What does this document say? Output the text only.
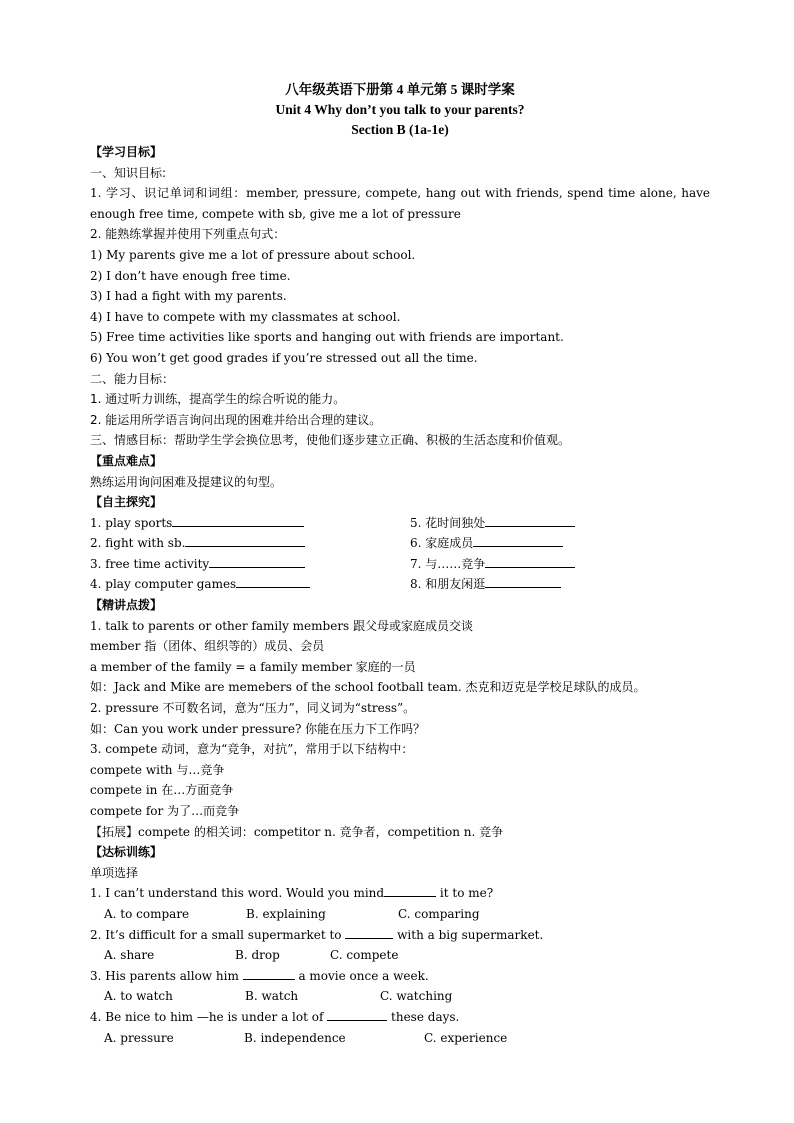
八年级英语下册第 4 单元第 5 课时学案
Unit 4 Why don’t you talk to your parents?
Section B (1a-1e)
【学习目标】
一、知识目标:
1. 学习、识记单词和词组：member, pressure, compete, hang out with friends, spend time alone, have enough free time, compete with sb, give me a lot of pressure
2. 能熟练掌握并使用下列重点句式：
1) My parents give me a lot of pressure about school.
2) I don’t have enough free time.
3) I had a fight with my parents.
4) I have to compete with my classmates at school.
5) Free time activities like sports and hanging out with friends are important.
6) You won’t get good grades if you’re stressed out all the time.
二、能力目标：
1. 通过听力训练，提高学生的综合听说的能力。
2. 能运用所学语言询问出现的困难并给出合理的建议。
三、情感目标：帮助学生学会换位思考，使他们逐步建立正确、积极的生活态度和价值观。
【重点难点】
熟练运用询问困难及提建议的句型。
【自主探究】
1. play sports	5. 花时间独处
2. fight with sb.	6. 家庭成员
3. free time activity	7. 与……竞争
4. play computer games	8. 和朋友闲逛
【精讲点拨】
1. talk to parents or other family members 跟父母或家庭成员交谈
member 指（团体、组织等的）成员、会员
a member of the family = a family member 家庭的一员
如：Jack and Mike are memebers of the school football team. 杰克和迈克是学校足球队的成员。
2. pressure 不可数名词，意为“压力”，同义词为“stress”。
如：Can you work under pressure? 你能在压力下工作吗？
3. compete 动词，意为“竞争，对抗”，常用于以下结构中：
compete with 与…竞争
compete in 在…方面竞争
compete for 为了…而竞争
【拓展】compete 的相关词：competitor n. 竞争者，competition n. 竞争
【达标训练】
单项选择
1. I can’t understand this word. Would you mind	it to me?
A. to compare	B. explaining	C. comparing
2. It’s difficult for a small supermarket to	with a big supermarket.
A. share	B. drop	C. compete
3. His parents allow him	a movie once a week.
A. to watch	B. watch	C. watching
4. Be nice to him —he is under a lot of	these days.
A. pressure	B. independence	C. experience
